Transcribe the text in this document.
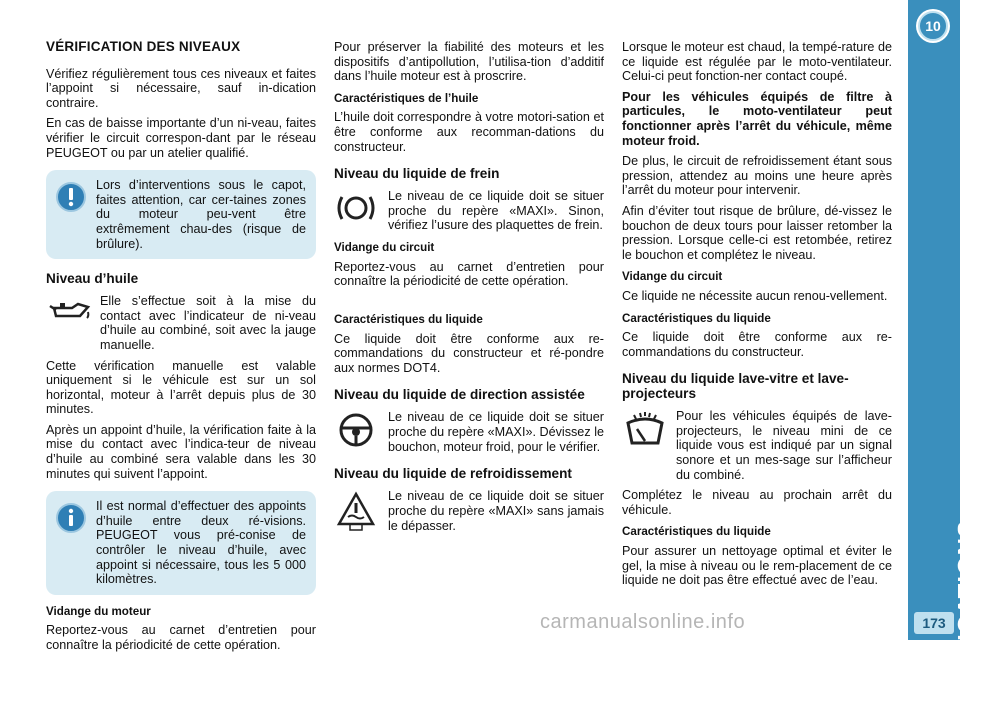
VÉRIFICATION DES NIVEAUX

Vérifiez régulièrement tous ces niveaux et faites l’appoint si nécessaire, sauf in-dication contraire.

En cas de baisse importante d’un ni-veau, faites vérifier le circuit correspon-dant par le réseau PEUGEOT ou par un atelier qualifié.

Lors d’interventions sous le capot, faites attention, car cer-taines zones du moteur peu-vent être extrêmement chau-des (risque de brûlure).

Niveau d’huile

Elle s’effectue soit à la mise du contact avec l’indicateur de ni-veau d’huile au combiné, soit avec la jauge manuelle.

Cette vérification manuelle est valable uniquement si le véhicule est sur un sol horizontal, moteur à l’arrêt depuis plus de 30 minutes.

Après un appoint d’huile, la vérification faite à la mise du contact avec l’indica-teur de niveau d’huile au combiné sera valable dans les 30 minutes qui suivent l’appoint.

Il est normal d’effectuer des appoints d’huile entre deux ré-visions. PEUGEOT vous pré-conise de contrôler le niveau d’huile, avec appoint si nécessaire, tous les 5 000 kilomètres.

Vidange du moteur

Reportez-vous au carnet d’entretien pour connaître la périodicité de cette opération.

Pour préserver la fiabilité des moteurs et les dispositifs d’antipollution, l’utilisa-tion d’additif dans l’huile moteur est à proscrire.

Caractéristiques de l’huile

L’huile doit correspondre à votre motori-sation et être conforme aux recomman-dations du constructeur.

Niveau du liquide de frein

Le niveau de ce liquide doit se situer proche du repère «MAXI». Sinon, vérifiez l’usure des plaquettes de frein.

Vidange du circuit

Reportez-vous au carnet d’entretien pour connaître la périodicité de cette opération.

Caractéristiques du liquide

Ce liquide doit être conforme aux re-commandations du constructeur et ré-pondre aux normes DOT4.

Niveau du liquide de direction assistée

Le niveau de ce liquide doit se situer proche du repère «MAXI». Dévissez le bouchon, moteur froid, pour le vérifier.

Niveau du liquide de refroidissement

Le niveau de ce liquide doit se situer proche du repère «MAXI» sans jamais le dépasser.

Lorsque le moteur est chaud, la tempé-rature de ce liquide est régulée par le moto-ventilateur. Celui-ci peut fonction-ner contact coupé.

Pour les véhicules équipés de filtre à particules, le moto-ventilateur peut fonctionner après l’arrêt du véhicule, même moteur froid.

De plus, le circuit de refroidissement étant sous pression, attendez au moins une heure après l’arrêt du moteur pour intervenir.

Afin d’éviter tout risque de brûlure, dé-vissez le bouchon de deux tours pour laisser retomber la pression. Lorsque celle-ci est retombée, retirez le bouchon et complétez le niveau.

Vidange du circuit

Ce liquide ne nécessite aucun renou-vellement.

Caractéristiques du liquide

Ce liquide doit être conforme aux re-commandations du constructeur.

Niveau du liquide lave-vitre et lave-projecteurs

Pour les véhicules équipés de lave-projecteurs, le niveau mini de ce liquide vous est indiqué par un signal sonore et un mes-sage sur l’afficheur du combiné.

Complétez le niveau au prochain arrêt du véhicule.

Caractéristiques du liquide

Pour assurer un nettoyage optimal et éviter le gel, la mise à niveau ou le rem-placement de ce liquide ne doit pas être effectué avec de l’eau.

10
VÉRIFICATIONS
173
carmanualsonline.info
